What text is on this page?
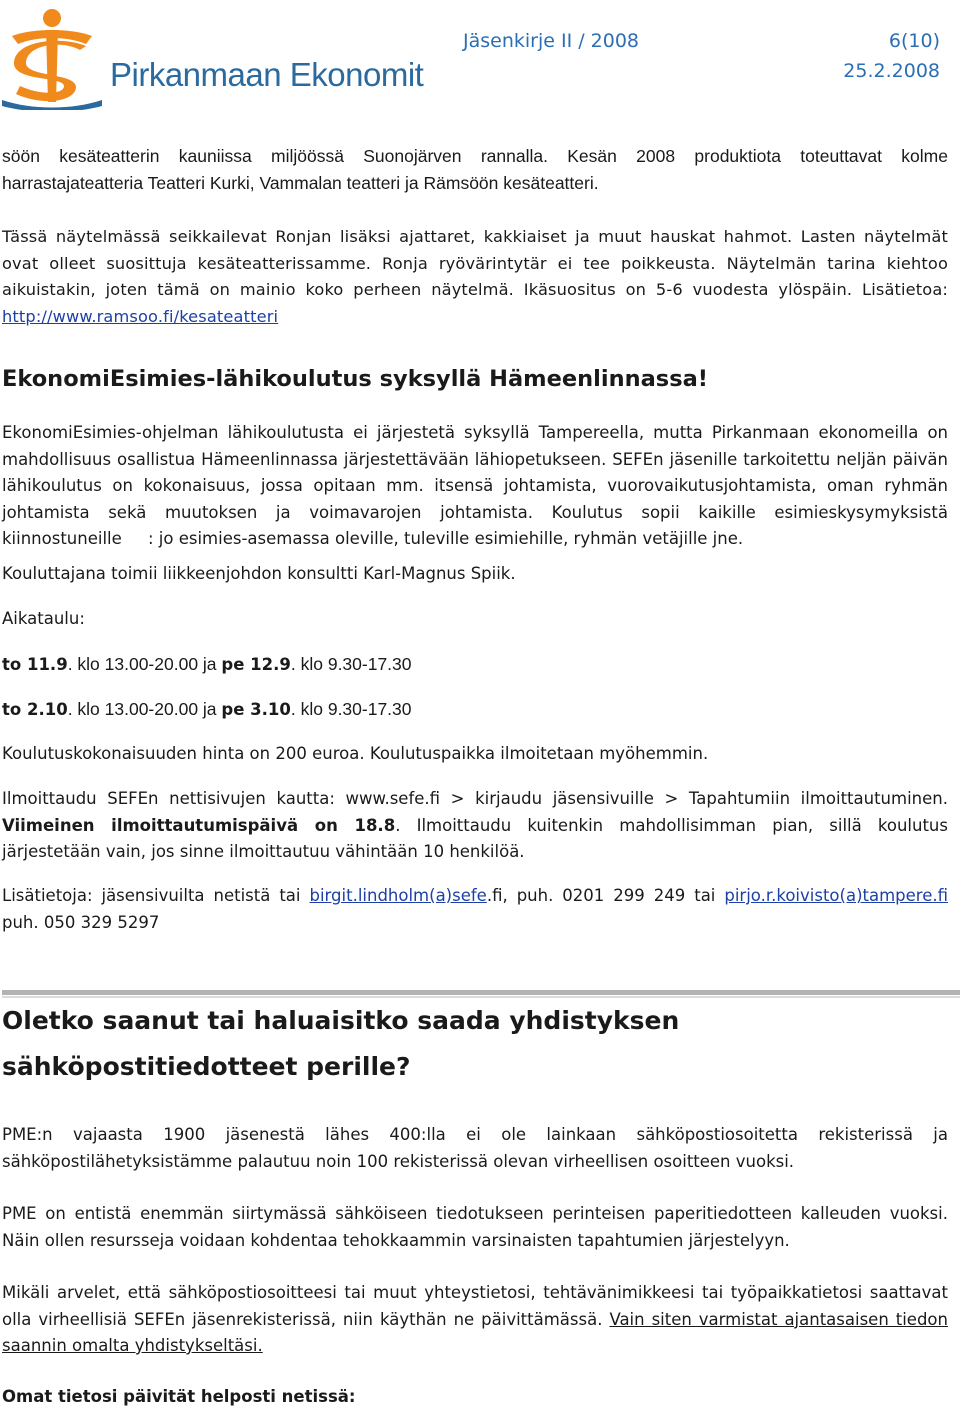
Pirkanmaan Ekonomit
Jäsenkirje II / 2008	6(10)
25.2.2008

söön kesäteatterin kauniissa miljöössä Suonojärven rannalla. Kesän 2008 produktiota toteuttavat kolme harrastajateatteria Teatteri Kurki, Vammalan teatteri ja Rämsöön kesäteatteri.

Tässä näytelmässä seikkailevat Ronjan lisäksi ajattaret, kakkiaiset ja muut hauskat hahmot. Lasten näytelmät ovat olleet suosittuja kesäteatterissamme. Ronja ryövärintytär ei tee poikkeusta. Näytelmän tarina kiehtoo aikuistakin, joten tämä on mainio koko perheen näytelmä. Ikäsuositus on 5-6 vuodesta ylöspäin. Lisätietoa: http://www.ramsoo.fi/kesateatteri

EkonomiEsimies-lähikoulutus syksyllä Hämeenlinnassa!

EkonomiEsimies-ohjelman lähikoulutusta ei järjestetä syksyllä Tampereella, mutta Pirkanmaan ekonomeilla on mahdollisuus osallistua Hämeenlinnassa järjestettävään lähiopetukseen. SEFEn jäsenille tarkoitettu neljän päivän lähikoulutus on kokonaisuus, jossa opitaan mm. itsensä johtamista, vuorovaikutusjohtamista, oman ryhmän johtamista sekä muutoksen ja voimavarojen johtamista. Koulutus sopii kaikille esimieskysymyksistä kiinnostuneille     : jo esimies-asemassa oleville, tuleville esimiehille, ryhmän vetäjille jne.

Kouluttajana toimii liikkeenjohdon konsultti Karl-Magnus Spiik.

Aikataulu:

to 11.9. klo 13.00-20.00 ja pe 12.9. klo 9.30-17.30

to 2.10. klo 13.00-20.00 ja pe 3.10. klo 9.30-17.30

Koulutuskokonaisuuden hinta on 200 euroa. Koulutuspaikka ilmoitetaan myöhemmin.

Ilmoittaudu SEFEn nettisivujen kautta: www.sefe.fi > kirjaudu jäsensivuille > Tapahtumiin ilmoittautuminen. Viimeinen ilmoittautumispäivä on 18.8. Ilmoittaudu kuitenkin mahdollisimman pian, sillä koulutus järjestetään vain, jos sinne ilmoittautuu vähintään 10 henkilöä.

Lisätietoja: jäsensivuilta netistä tai birgit.lindholm(a)sefe.fi, puh. 0201 299 249 tai pirjo.r.koivisto(a)tampere.fi puh. 050 329 5297

Oletko saanut tai haluaisitko saada yhdistyksen sähköpostitiedotteet perille?

PME:n vajaasta 1900 jäsenestä lähes 400:lla ei ole lainkaan sähköpostiosoitetta rekisterissä ja sähköpostilähetyksistämme palautuu noin 100 rekisterissä olevan virheellisen osoitteen vuoksi.

PME on entistä enemmän siirtymässä sähköiseen tiedotukseen perinteisen paperitiedotteen kalleuden vuoksi. Näin ollen resursseja voidaan kohdentaa tehokkaammin varsinaisten tapahtumien järjestelyyn.

Mikäli arvelet, että sähköpostiosoitteesi tai muut yhteystietosi, tehtävänimikkeesi tai työpaikkatietosi saattavat olla virheellisiä SEFEn jäsenrekisterissä, niin käythän ne päivittämässä. Vain siten varmistat ajantasaisen tiedon saannin omalta yhdistykseltäsi.

Omat tietosi päivität helposti netissä:
